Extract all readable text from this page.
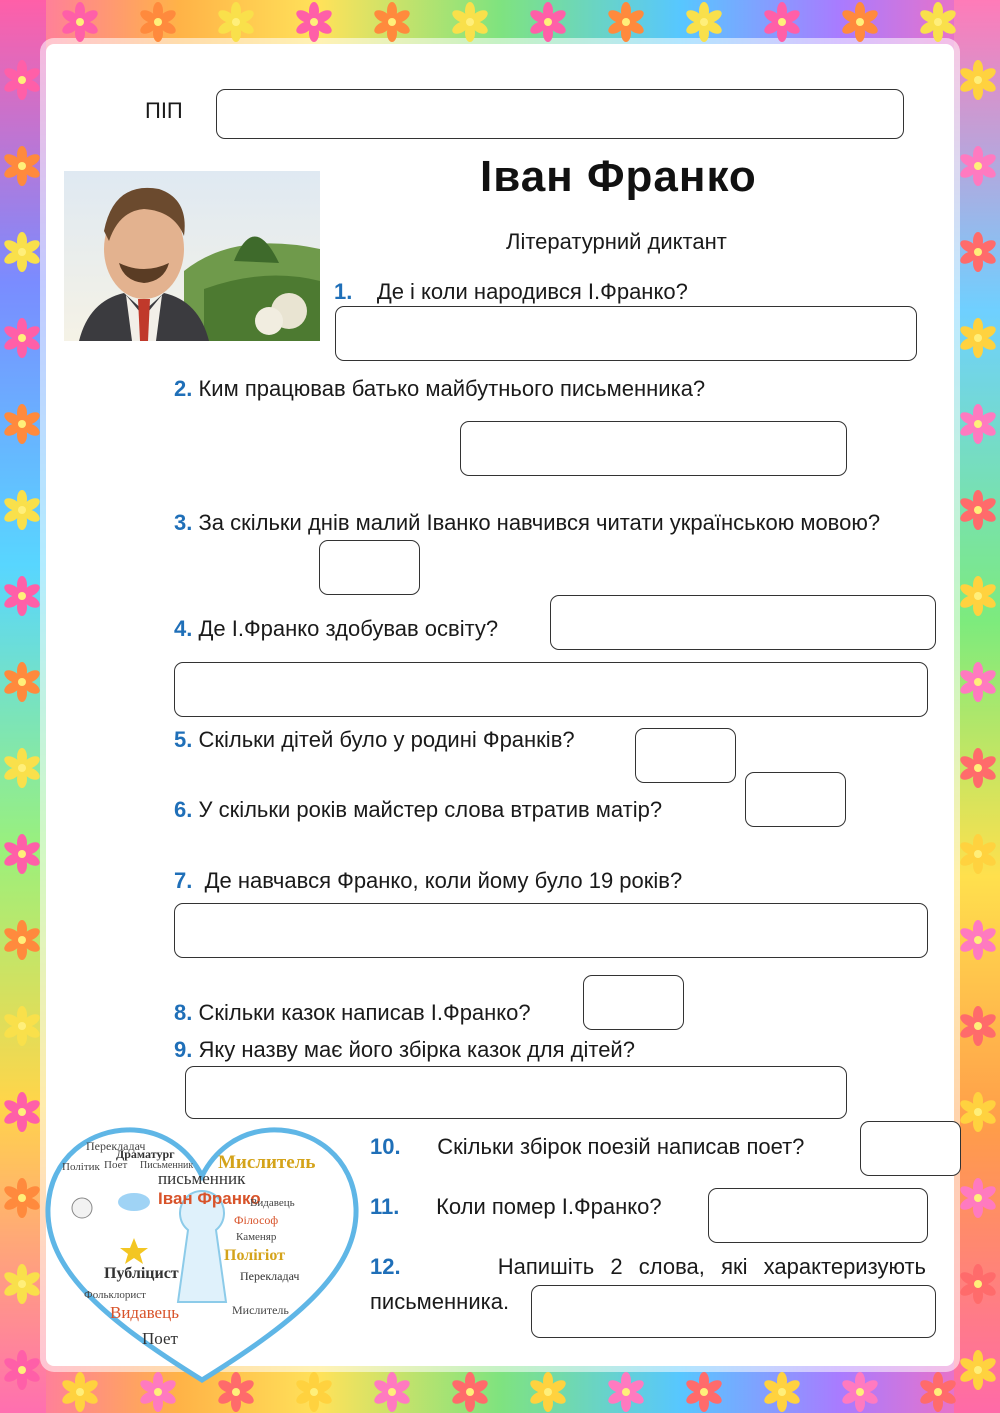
ПІП
Іван Франко
Літературний диктант
1. Де і коли народився І.Франко?
2. Ким працював батько майбутнього письменника?
3. За скільки днів малий Іванко навчився читати українською мовою?
4. Де І.Франко здобував освіту?
5. Скільки дітей було у родині Франків?
6. У скільки років майстер слова втратив матір?
7. Де навчався Франко, коли йому було 19 років?
8. Скільки казок написав І.Франко?
9. Яку назву має його збірка казок для дітей?
Перекладач
Політик Поет
Драматург
Письменник Мислитель
письменник
Іван Франко
Видавець
Філософ
Каменяр
Полігіот
Публіцист
Фольклорист
Видавець
Поет
Мислитель
Перекладач
10. Скільки збірок поезій написав поет?
11. Коли помер І.Франко?
12.	Напишіть 2 слова, які характеризують письменника.
